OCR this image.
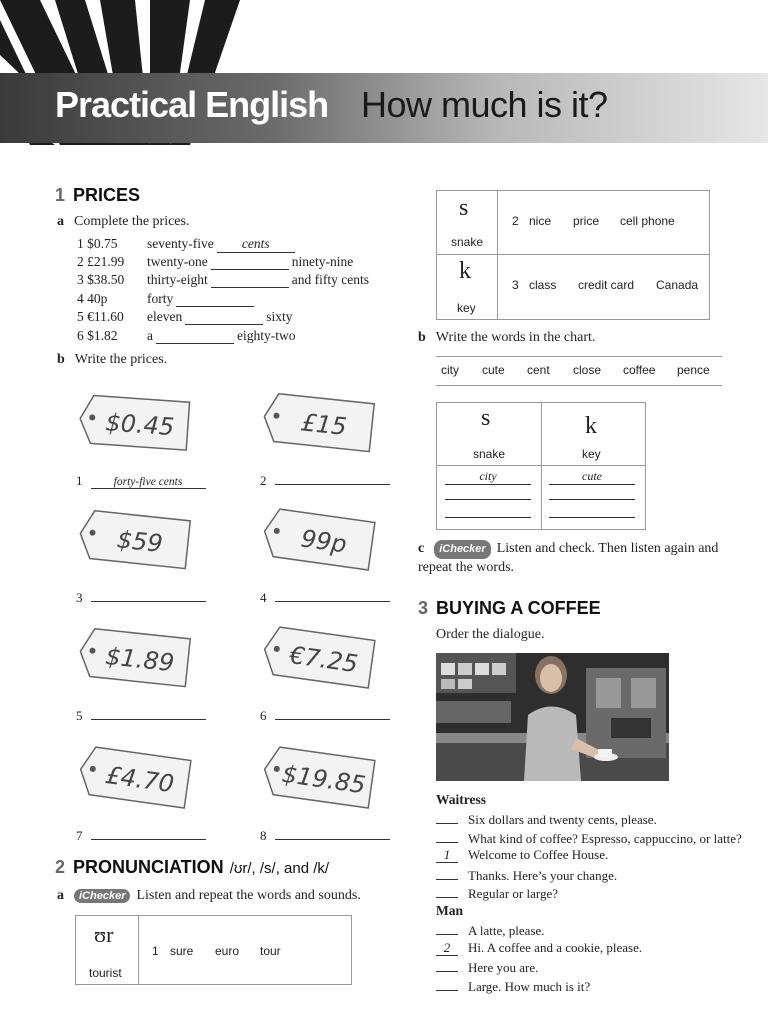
Practical English How much is it?
1 PRICES
a Complete the prices.
1 $0.75	seventy-five cents
2 £21.99	twenty-one	ninety-nine
3 $38.50	thirty-eight	and fifty cents
4 40p	forty
5 €11.60	eleven	sixty
6 $1.82	a	eighty-two
b Write the prices.
$0.45
1	forty-five cents
£15
2
$59
3
99p
4
$1.89
5
€7.25
6
£4.70
7
$19.85
8
2 PRONUNCIATION /ʊr/, /s/, and /k/
a iChecker Listen and repeat the words and sounds.
ʊr
tourist
1 sure euro tour
s
snake
2 nice price cell phone
k
key
3 class credit card Canada
b Write the words in the chart.
city cute cent close coffee pence
s
snake
k
key
city	cute
c iChecker Listen and check. Then listen again and repeat the words.
3 BUYING A COFFEE
Order the dialogue.
Waitress
Six dollars and twenty cents, please.
What kind of coffee? Espresso, cappuccino, or latte?
1 Welcome to Coffee House.
Thanks. Here’s your change.
Regular or large?
Man
A latte, please.
2 Hi. A coffee and a cookie, please.
Here you are.
Large. How much is it?
